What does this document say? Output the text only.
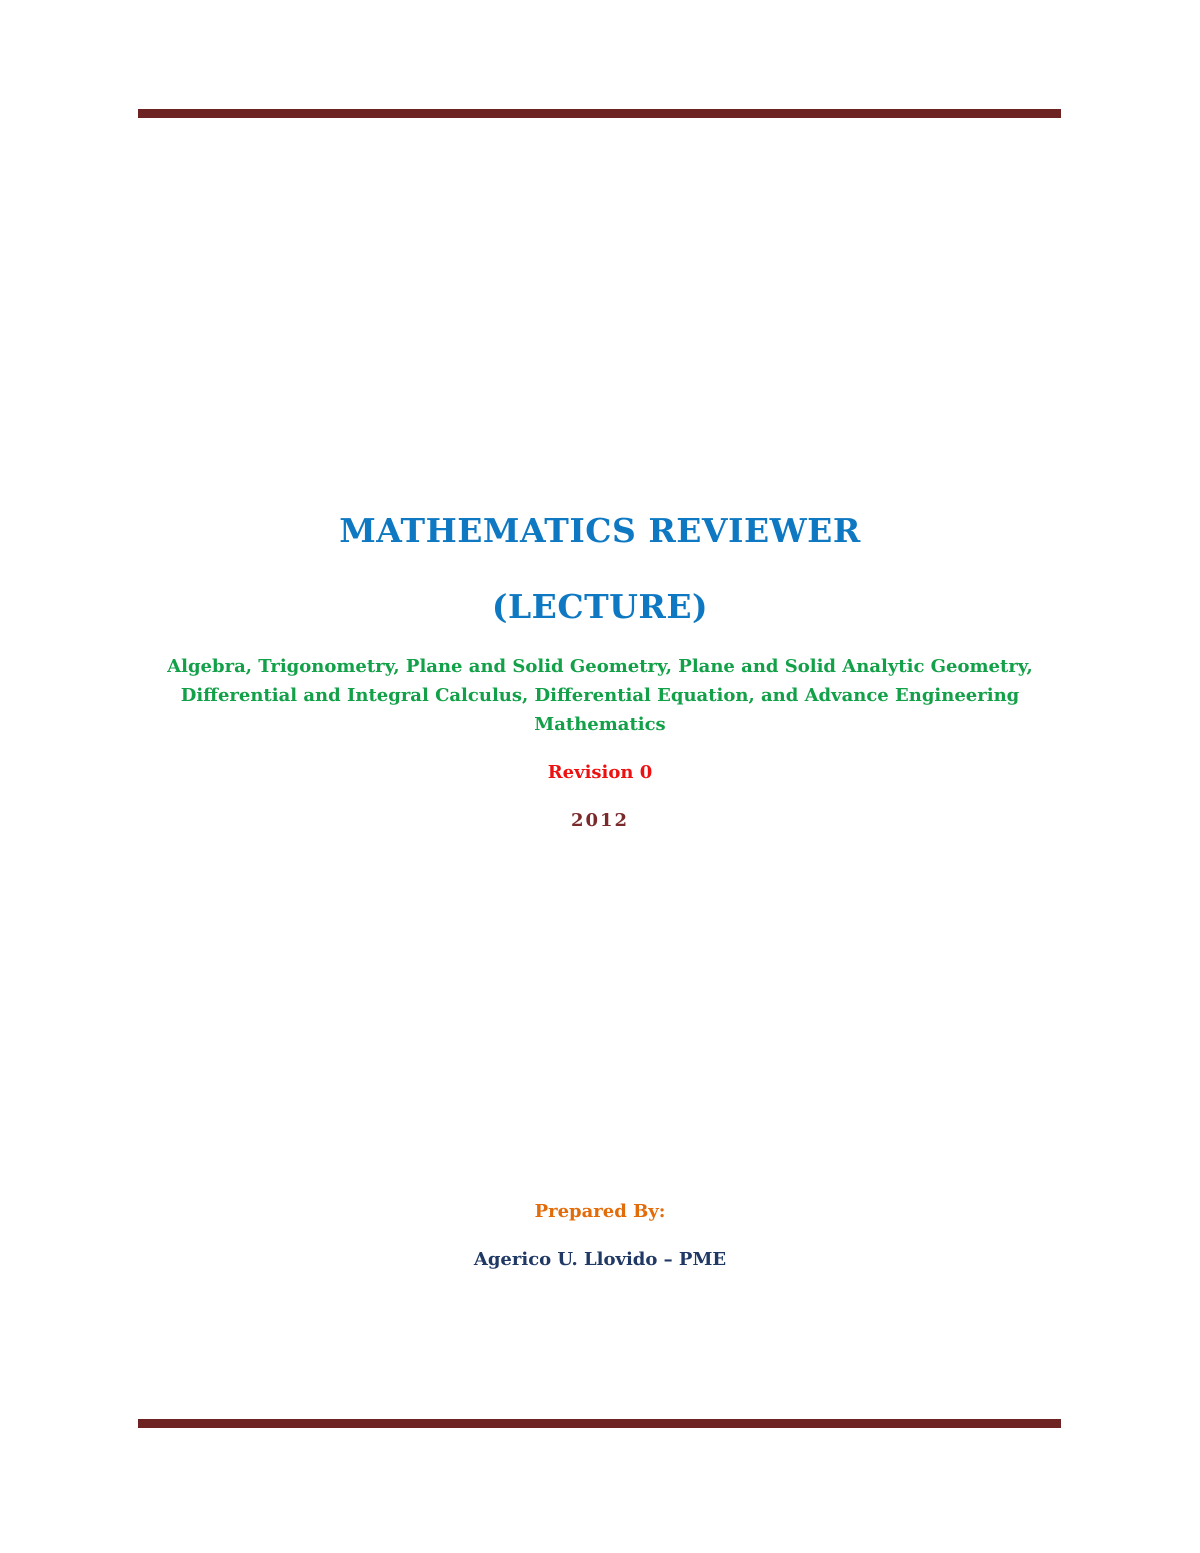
MATHEMATICS REVIEWER
(LECTURE)

Algebra, Trigonometry, Plane and Solid Geometry, Plane and Solid Analytic Geometry, Differential and Integral Calculus, Differential Equation, and Advance Engineering Mathematics

Revision 0

2012

Prepared By:

Agerico U. Llovido – PME
